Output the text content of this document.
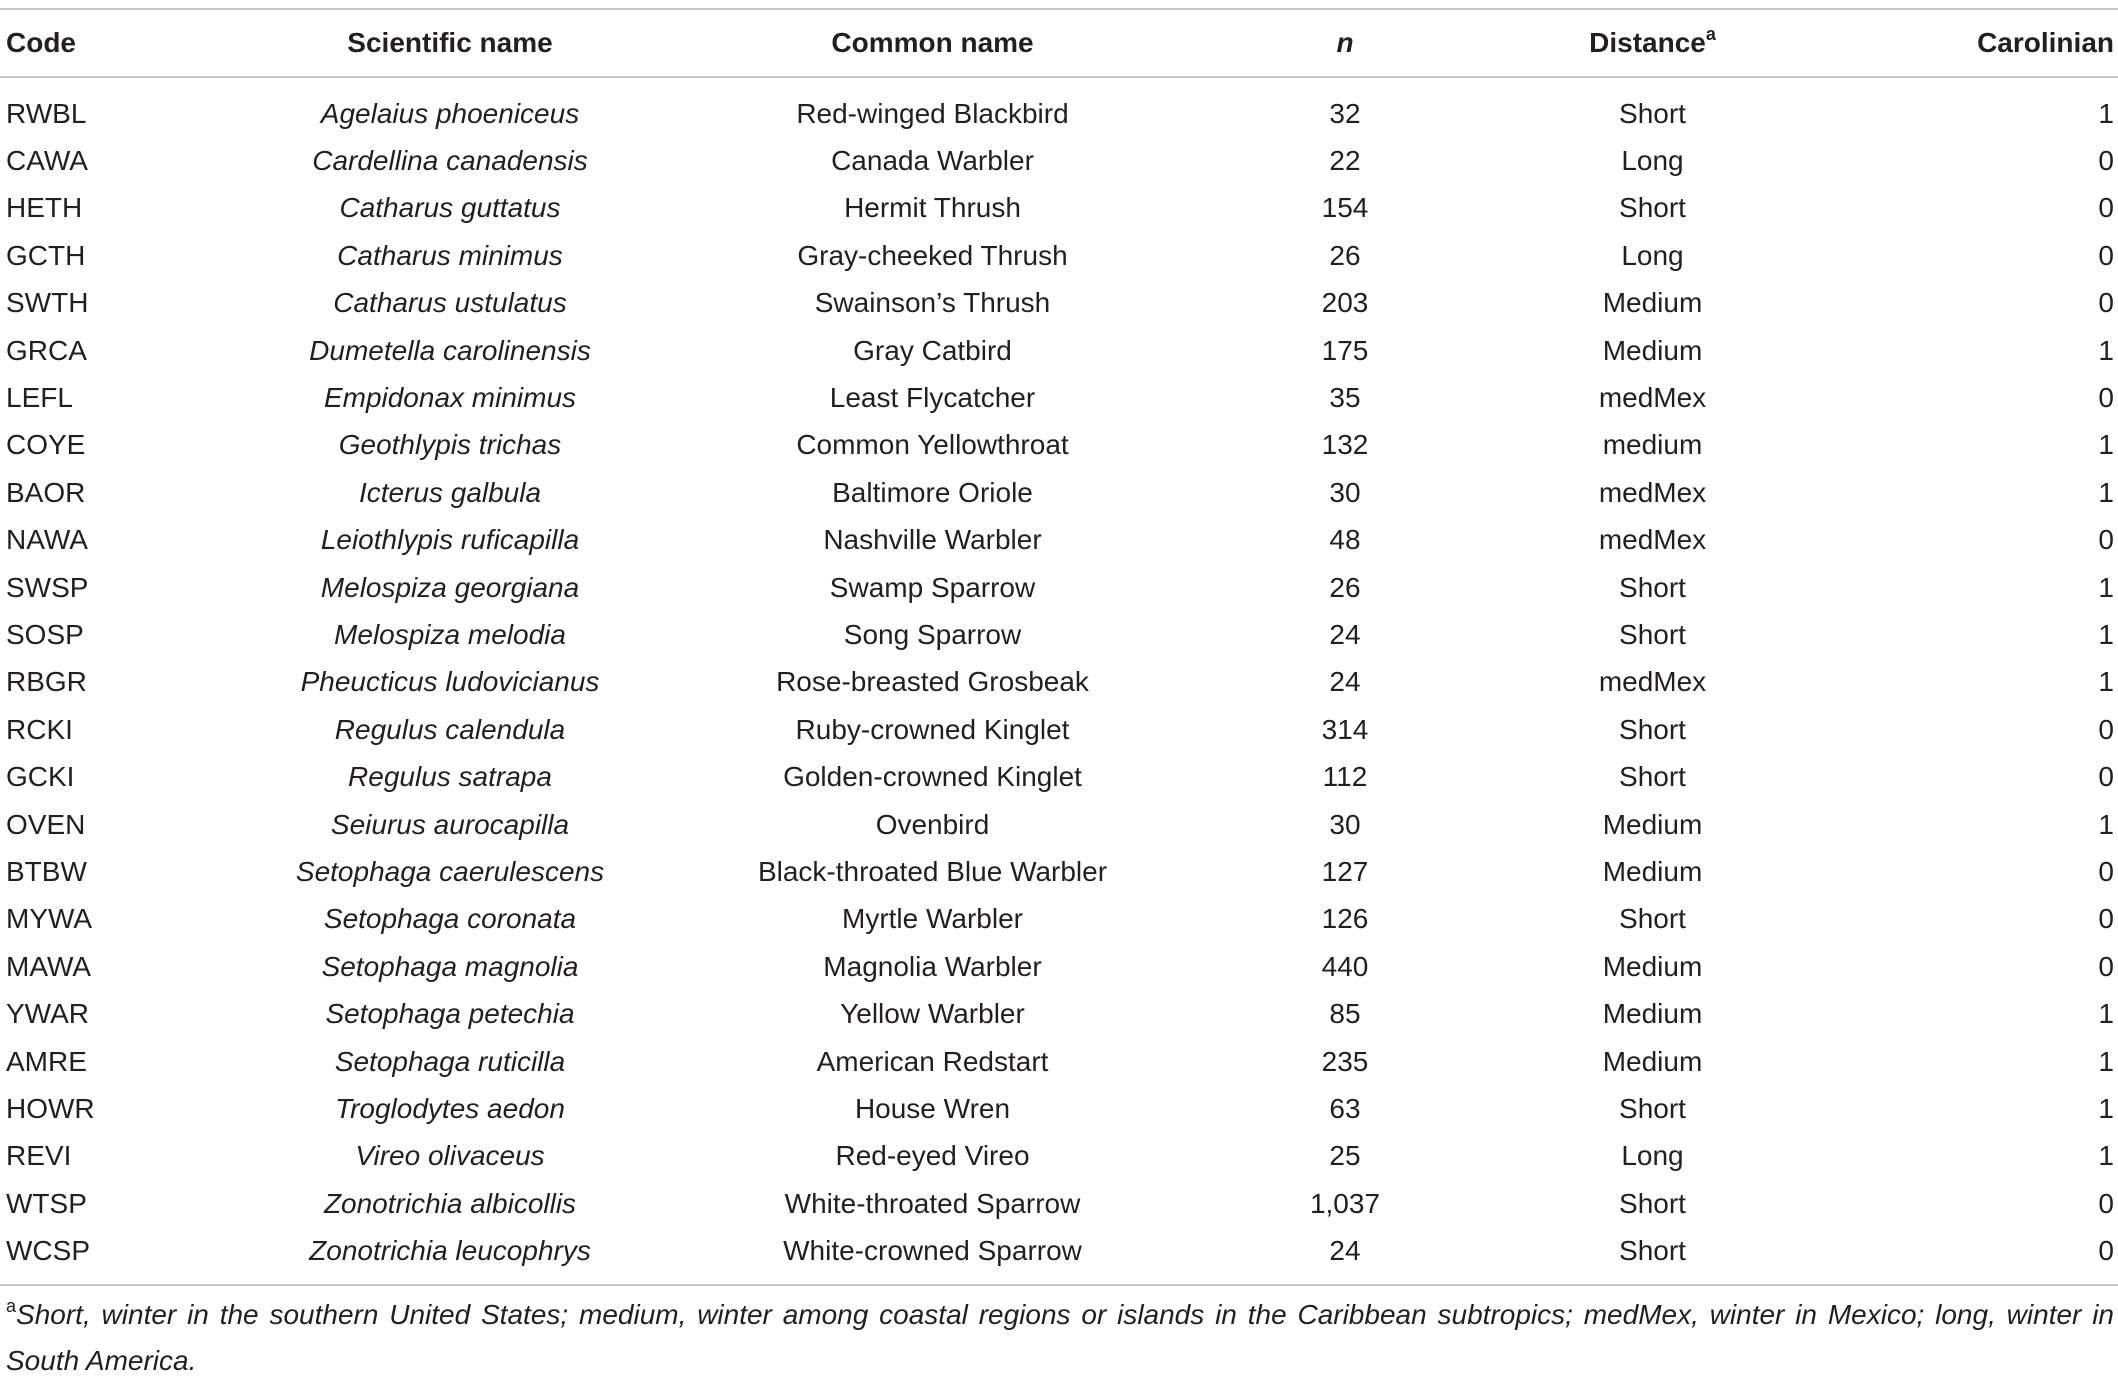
Code	Scientific name	Common name	n	Distance$^a$	Carolinian
RWBL	Agelaius phoeniceus	Red-winged Blackbird	32	Short	1
CAWA	Cardellina canadensis	Canada Warbler	22	Long	0
HETH	Catharus guttatus	Hermit Thrush	154	Short	0
GCTH	Catharus minimus	Gray-cheeked Thrush	26	Long	0
SWTH	Catharus ustulatus	Swainson’s Thrush	203	Medium	0
GRCA	Dumetella carolinensis	Gray Catbird	175	Medium	1
LEFL	Empidonax minimus	Least Flycatcher	35	medMex	0
COYE	Geothlypis trichas	Common Yellowthroat	132	medium	1
BAOR	Icterus galbula	Baltimore Oriole	30	medMex	1
NAWA	Leiothlypis ruficapilla	Nashville Warbler	48	medMex	0
SWSP	Melospiza georgiana	Swamp Sparrow	26	Short	1
SOSP	Melospiza melodia	Song Sparrow	24	Short	1
RBGR	Pheucticus ludovicianus	Rose-breasted Grosbeak	24	medMex	1
RCKI	Regulus calendula	Ruby-crowned Kinglet	314	Short	0
GCKI	Regulus satrapa	Golden-crowned Kinglet	112	Short	0
OVEN	Seiurus aurocapilla	Ovenbird	30	Medium	1
BTBW	Setophaga caerulescens	Black-throated Blue Warbler	127	Medium	0
MYWA	Setophaga coronata	Myrtle Warbler	126	Short	0
MAWA	Setophaga magnolia	Magnolia Warbler	440	Medium	0
YWAR	Setophaga petechia	Yellow Warbler	85	Medium	1
AMRE	Setophaga ruticilla	American Redstart	235	Medium	1
HOWR	Troglodytes aedon	House Wren	63	Short	1
REVI	Vireo olivaceus	Red-eyed Vireo	25	Long	1
WTSP	Zonotrichia albicollis	White-throated Sparrow	1,037	Short	0
WCSP	Zonotrichia leucophrys	White-crowned Sparrow	24	Short	0
$^a$Short, winter in the southern United States; medium, winter among coastal regions or islands in the Caribbean subtropics; medMex, winter in Mexico; long, winter in South America.
